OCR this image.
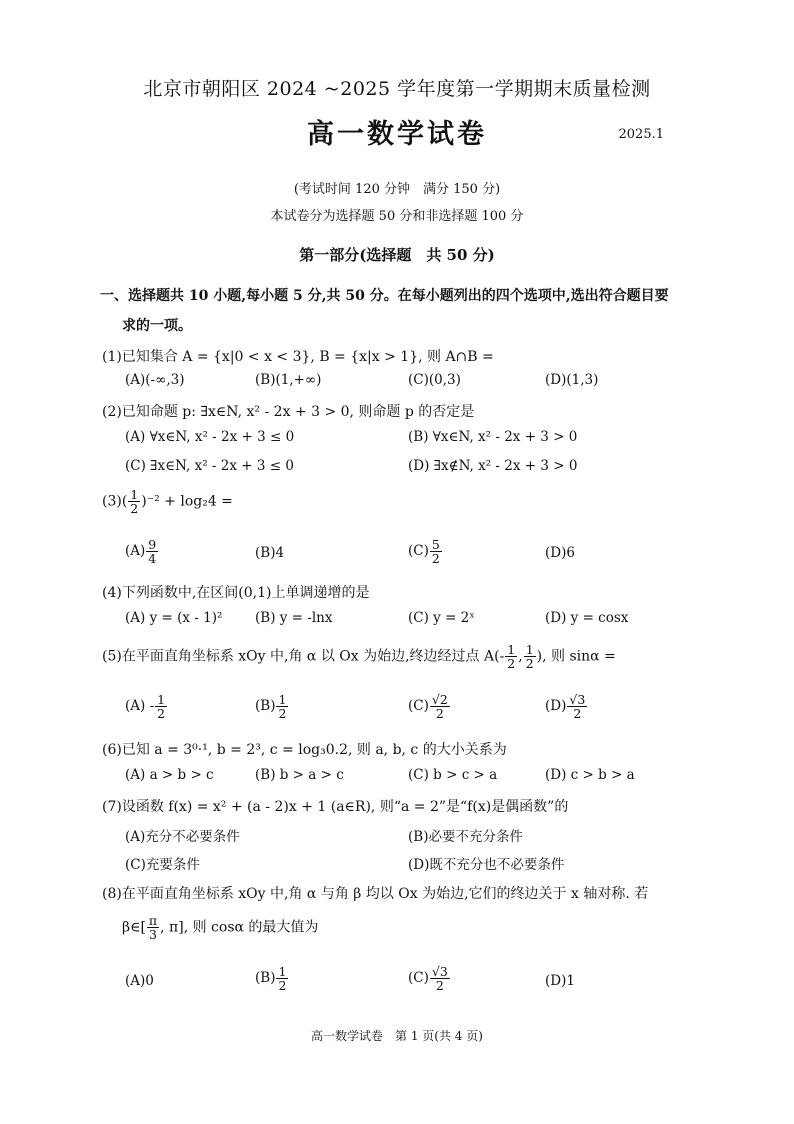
北京市朝阳区 2024 ~2025 学年度第一学期期末质量检测
高一数学试卷	2025.1
(考试时间 120 分钟　满分 150 分)
本试卷分为选择题 50 分和非选择题 100 分
第一部分(选择题　共 50 分)
一、选择题共 10 小题,每小题 5 分,共 50 分。在每小题列出的四个选项中,选出符合题目要
求的一项。
(1)已知集合 A = {x|0 < x < 3}, B = {x|x > 1}, 则 A∩B =
(A)(-∞,3)	(B)(1,+∞)	(C)(0,3)	(D)(1,3)
(2)已知命题 p: ∃x∈N, x² - 2x + 3 > 0, 则命题 p 的否定是
(A) ∀x∈N, x² - 2x + 3 ≤ 0	(B) ∀x∈N, x² - 2x + 3 > 0
(C) ∃x∈N, x² - 2x + 3 ≤ 0	(D) ∃x∉N, x² - 2x + 3 > 0
$(3)( \frac{1}{2} )^{-2} + \log_24$ =
$(A) \frac{9}{4}$	(B)4	$(C) \frac{5}{2}$	(D)6
(4)下列函数中,在区间(0,1)上单调递增的是
(A) y = (x - 1)² (B) y = -lnx	(C) y = 2ˣ	(D) y = cosx
(5)在平面直角坐标系 xOy 中,角 α 以 Ox 为始边,终边经过点 $A(- \frac{1}{2}$ , $\frac{1}{2}$ ), 则 sinα =
$(A) - \frac{1}{2}$	$(B) \frac{1}{2}$	$(C) \frac{√2}{2}$	$(D) \frac{√3}{2}$
(6)已知 a = 3⁰·¹, b = 2³, c = log₃0.2, 则 a, b, c 的大小关系为
(A) a > b > c	(B) b > a > c	(C) b > c > a	(D) c > b > a
(7)设函数 f(x) = x² + (a - 2)x + 1 (a∈R), 则“a = 2”是“f(x)是偶函数”的
(A)充分不必要条件	(B)必要不充分条件
(C)充要条件	(D)既不充分也不必要条件
(8)在平面直角坐标系 xOy 中,角 α 与角 β 均以 Ox 为始边,它们的终边关于 x 轴对称. 若
β∈[ $\frac{\pi}{3}$ , π], 则 cosα 的最大值为
(A)0	$(B) \frac{1}{2}$	$(C) \frac{√3}{2}$	(D)1
高一数学试卷　第 1 页(共 4 页)
